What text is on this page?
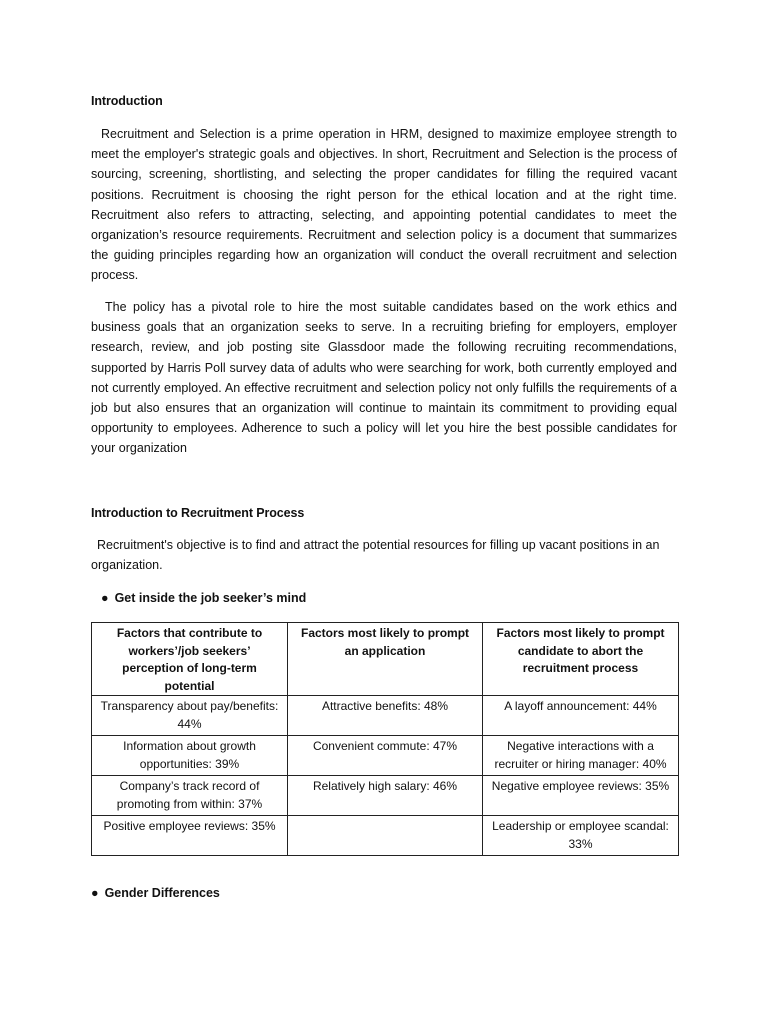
Introduction

Recruitment and Selection is a prime operation in HRM, designed to maximize employee strength to meet the employer's strategic goals and objectives. In short, Recruitment and Selection is the process of sourcing, screening, shortlisting, and selecting the proper candidates for filling the required vacant positions. Recruitment is choosing the right person for the ethical location and at the right time. Recruitment also refers to attracting, selecting, and appointing potential candidates to meet the organization’s resource requirements. Recruitment and selection policy is a document that summarizes the guiding principles regarding how an organization will conduct the overall recruitment and selection process.

The policy has a pivotal role to hire the most suitable candidates based on the work ethics and business goals that an organization seeks to serve. In a recruiting briefing for employers, employer research, review, and job posting site Glassdoor made the following recruiting recommendations, supported by Harris Poll survey data of adults who were searching for work, both currently employed and not currently employed. An effective recruitment and selection policy not only fulfills the requirements of a job but also ensures that an organization will continue to maintain its commitment to providing equal opportunity to employees. Adherence to such a policy will let you hire the best possible candidates for your organization

Introduction to Recruitment Process

Recruitment's objective is to find and attract the potential resources for filling up vacant positions in an organization.

● Get inside the job seeker’s mind
Factors that contribute to workers’/job seekers’ perception of long-term potential	Factors most likely to prompt an application	Factors most likely to prompt candidate to abort the recruitment process
Transparency about pay/benefits: 44%	Attractive benefits: 48%	A layoff announcement: 44%
Information about growth opportunities: 39%	Convenient commute: 47%	Negative interactions with a recruiter or hiring manager: 40%
Company’s track record of promoting from within: 37%	Relatively high salary: 46%	Negative employee reviews: 35%
Positive employee reviews: 35%		Leadership or employee scandal: 33%
● Gender Differences
